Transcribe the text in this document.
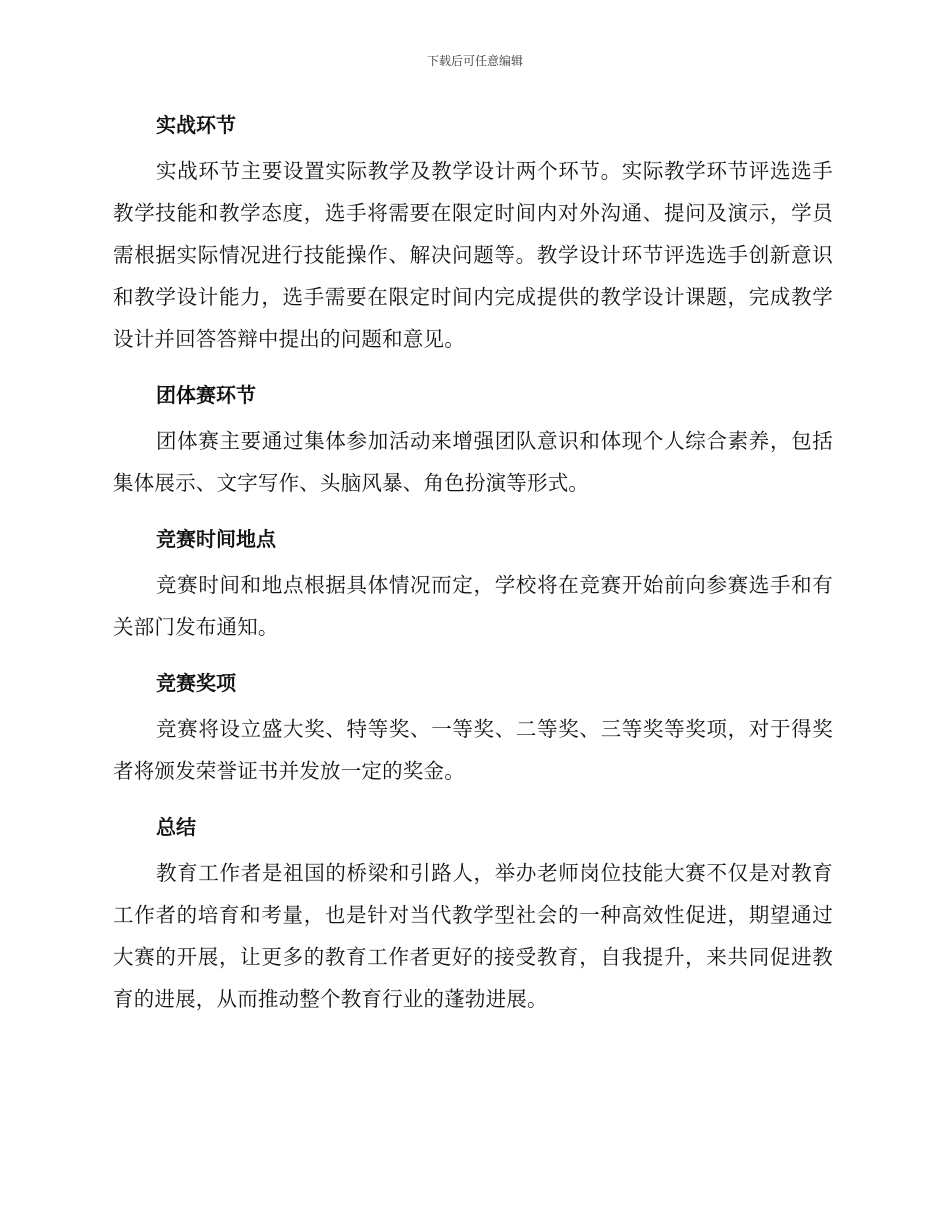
下载后可任意编辑
实战环节

实战环节主要设置实际教学及教学设计两个环节。实际教学环节评选选手教学技能和教学态度，选手将需要在限定时间内对外沟通、提问及演示，学员需根据实际情况进行技能操作、解决问题等。教学设计环节评选选手创新意识和教学设计能力，选手需要在限定时间内完成提供的教学设计课题，完成教学设计并回答答辩中提出的问题和意见。

团体赛环节

团体赛主要通过集体参加活动来增强团队意识和体现个人综合素养，包括集体展示、文字写作、头脑风暴、角色扮演等形式。

竞赛时间地点

竞赛时间和地点根据具体情况而定，学校将在竞赛开始前向参赛选手和有关部门发布通知。

竞赛奖项

竞赛将设立盛大奖、特等奖、一等奖、二等奖、三等奖等奖项，对于得奖者将颁发荣誉证书并发放一定的奖金。

总结

教育工作者是祖国的桥梁和引路人，举办老师岗位技能大赛不仅是对教育工作者的培育和考量，也是针对当代教学型社会的一种高效性促进，期望通过大赛的开展，让更多的教育工作者更好的接受教育，自我提升，来共同促进教育的进展，从而推动整个教育行业的蓬勃进展。
